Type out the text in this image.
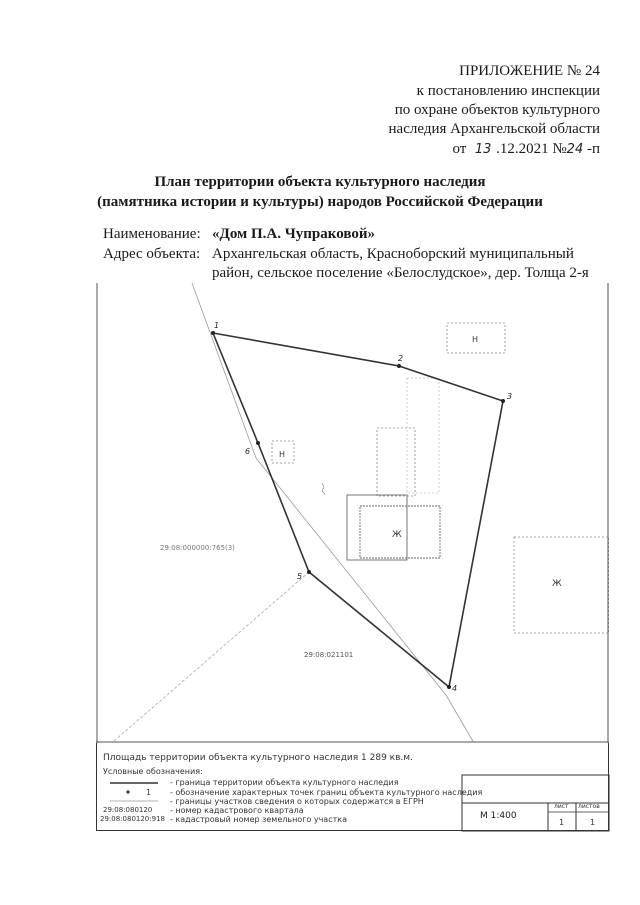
ПРИЛОЖЕНИЕ № 24
к постановлению инспекции
по охране объектов культурного
наследия Архангельской области
от 13 .12.2021 №24 -п
План территории объекта культурного наследия
(памятника истории и культуры) народов Российской Федерации
Наименование: «Дом П.А. Чупраковой»
Адрес объекта: Архангельская область, Красноборский муниципальный
район, сельское поселение «Белослудское», дер. Толща 2-я
Н
Н
Ж
Ж
1
2
3
4
5
6
29:08:021101
29:08:000000:765(3)
Площадь территории объекта культурного наследия 1 289 кв.м.
Условные обозначения:
1
29:08:080120
29:08:080120:918
- граница территории объекта культурного наследия
- обозначение характерных точек границ объекта культурного наследия
- границы участков сведения о которых содержатся в ЕГРН
- номер кадастрового квартала
- кадастровый номер земельного участка	М 1:400
лист листов
1	1
